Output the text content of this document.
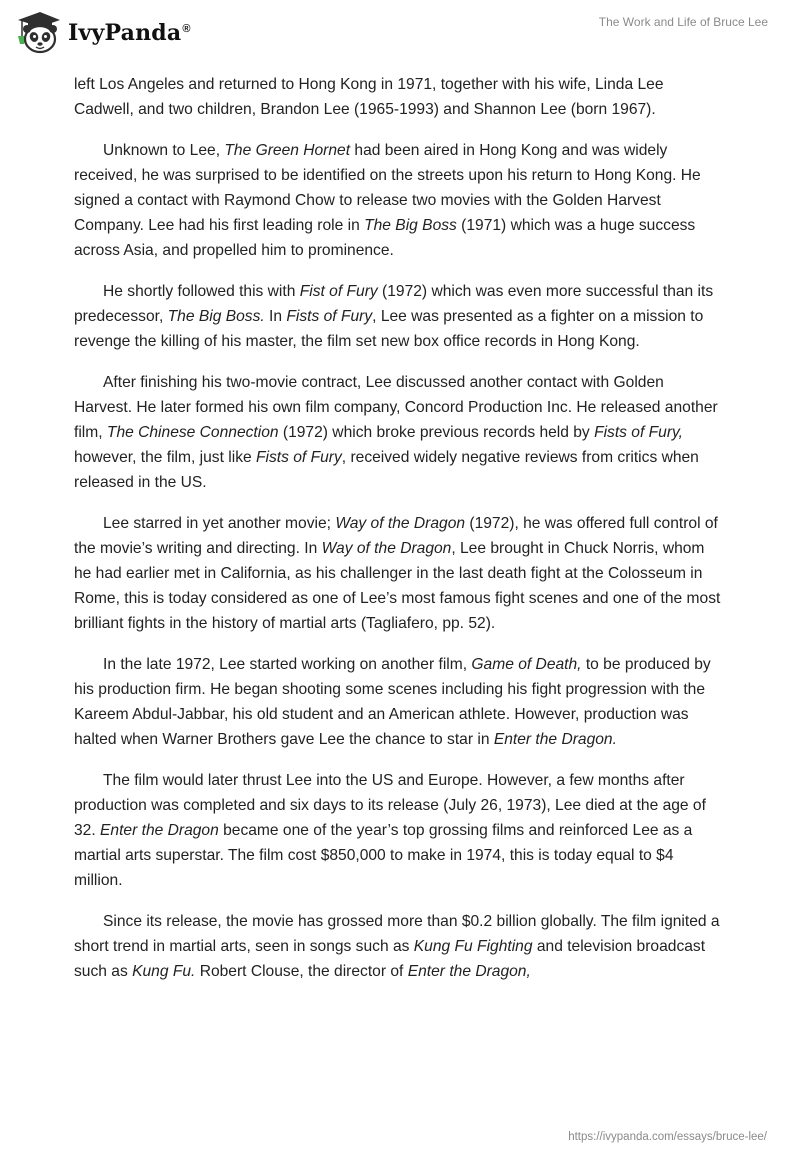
IvyPanda®	The Work and Life of Bruce Lee

left Los Angeles and returned to Hong Kong in 1971, together with his wife, Linda Lee Cadwell, and two children, Brandon Lee (1965-1993) and Shannon Lee (born 1967).

Unknown to Lee, The Green Hornet had been aired in Hong Kong and was widely received, he was surprised to be identified on the streets upon his return to Hong Kong. He signed a contact with Raymond Chow to release two movies with the Golden Harvest Company. Lee had his first leading role in The Big Boss (1971) which was a huge success across Asia, and propelled him to prominence.

He shortly followed this with Fist of Fury (1972) which was even more successful than its predecessor, The Big Boss. In Fists of Fury, Lee was presented as a fighter on a mission to revenge the killing of his master, the film set new box office records in Hong Kong.

After finishing his two-movie contract, Lee discussed another contact with Golden Harvest. He later formed his own film company, Concord Production Inc. He released another film, The Chinese Connection (1972) which broke previous records held by Fists of Fury, however, the film, just like Fists of Fury, received widely negative reviews from critics when released in the US.

Lee starred in yet another movie; Way of the Dragon (1972), he was offered full control of the movie’s writing and directing. In Way of the Dragon, Lee brought in Chuck Norris, whom he had earlier met in California, as his challenger in the last death fight at the Colosseum in Rome, this is today considered as one of Lee’s most famous fight scenes and one of the most brilliant fights in the history of martial arts (Tagliafero, pp. 52).

In the late 1972, Lee started working on another film, Game of Death, to be produced by his production firm. He began shooting some scenes including his fight progression with the Kareem Abdul-Jabbar, his old student and an American athlete. However, production was halted when Warner Brothers gave Lee the chance to star in Enter the Dragon.

The film would later thrust Lee into the US and Europe. However, a few months after production was completed and six days to its release (July 26, 1973), Lee died at the age of 32. Enter the Dragon became one of the year’s top grossing films and reinforced Lee as a martial arts superstar. The film cost $850,000 to make in 1974, this is today equal to $4 million.

Since its release, the movie has grossed more than $0.2 billion globally. The film ignited a short trend in martial arts, seen in songs such as Kung Fu Fighting and television broadcast such as Kung Fu. Robert Clouse, the director of Enter the Dragon,

https://ivypanda.com/essays/bruce-lee/
